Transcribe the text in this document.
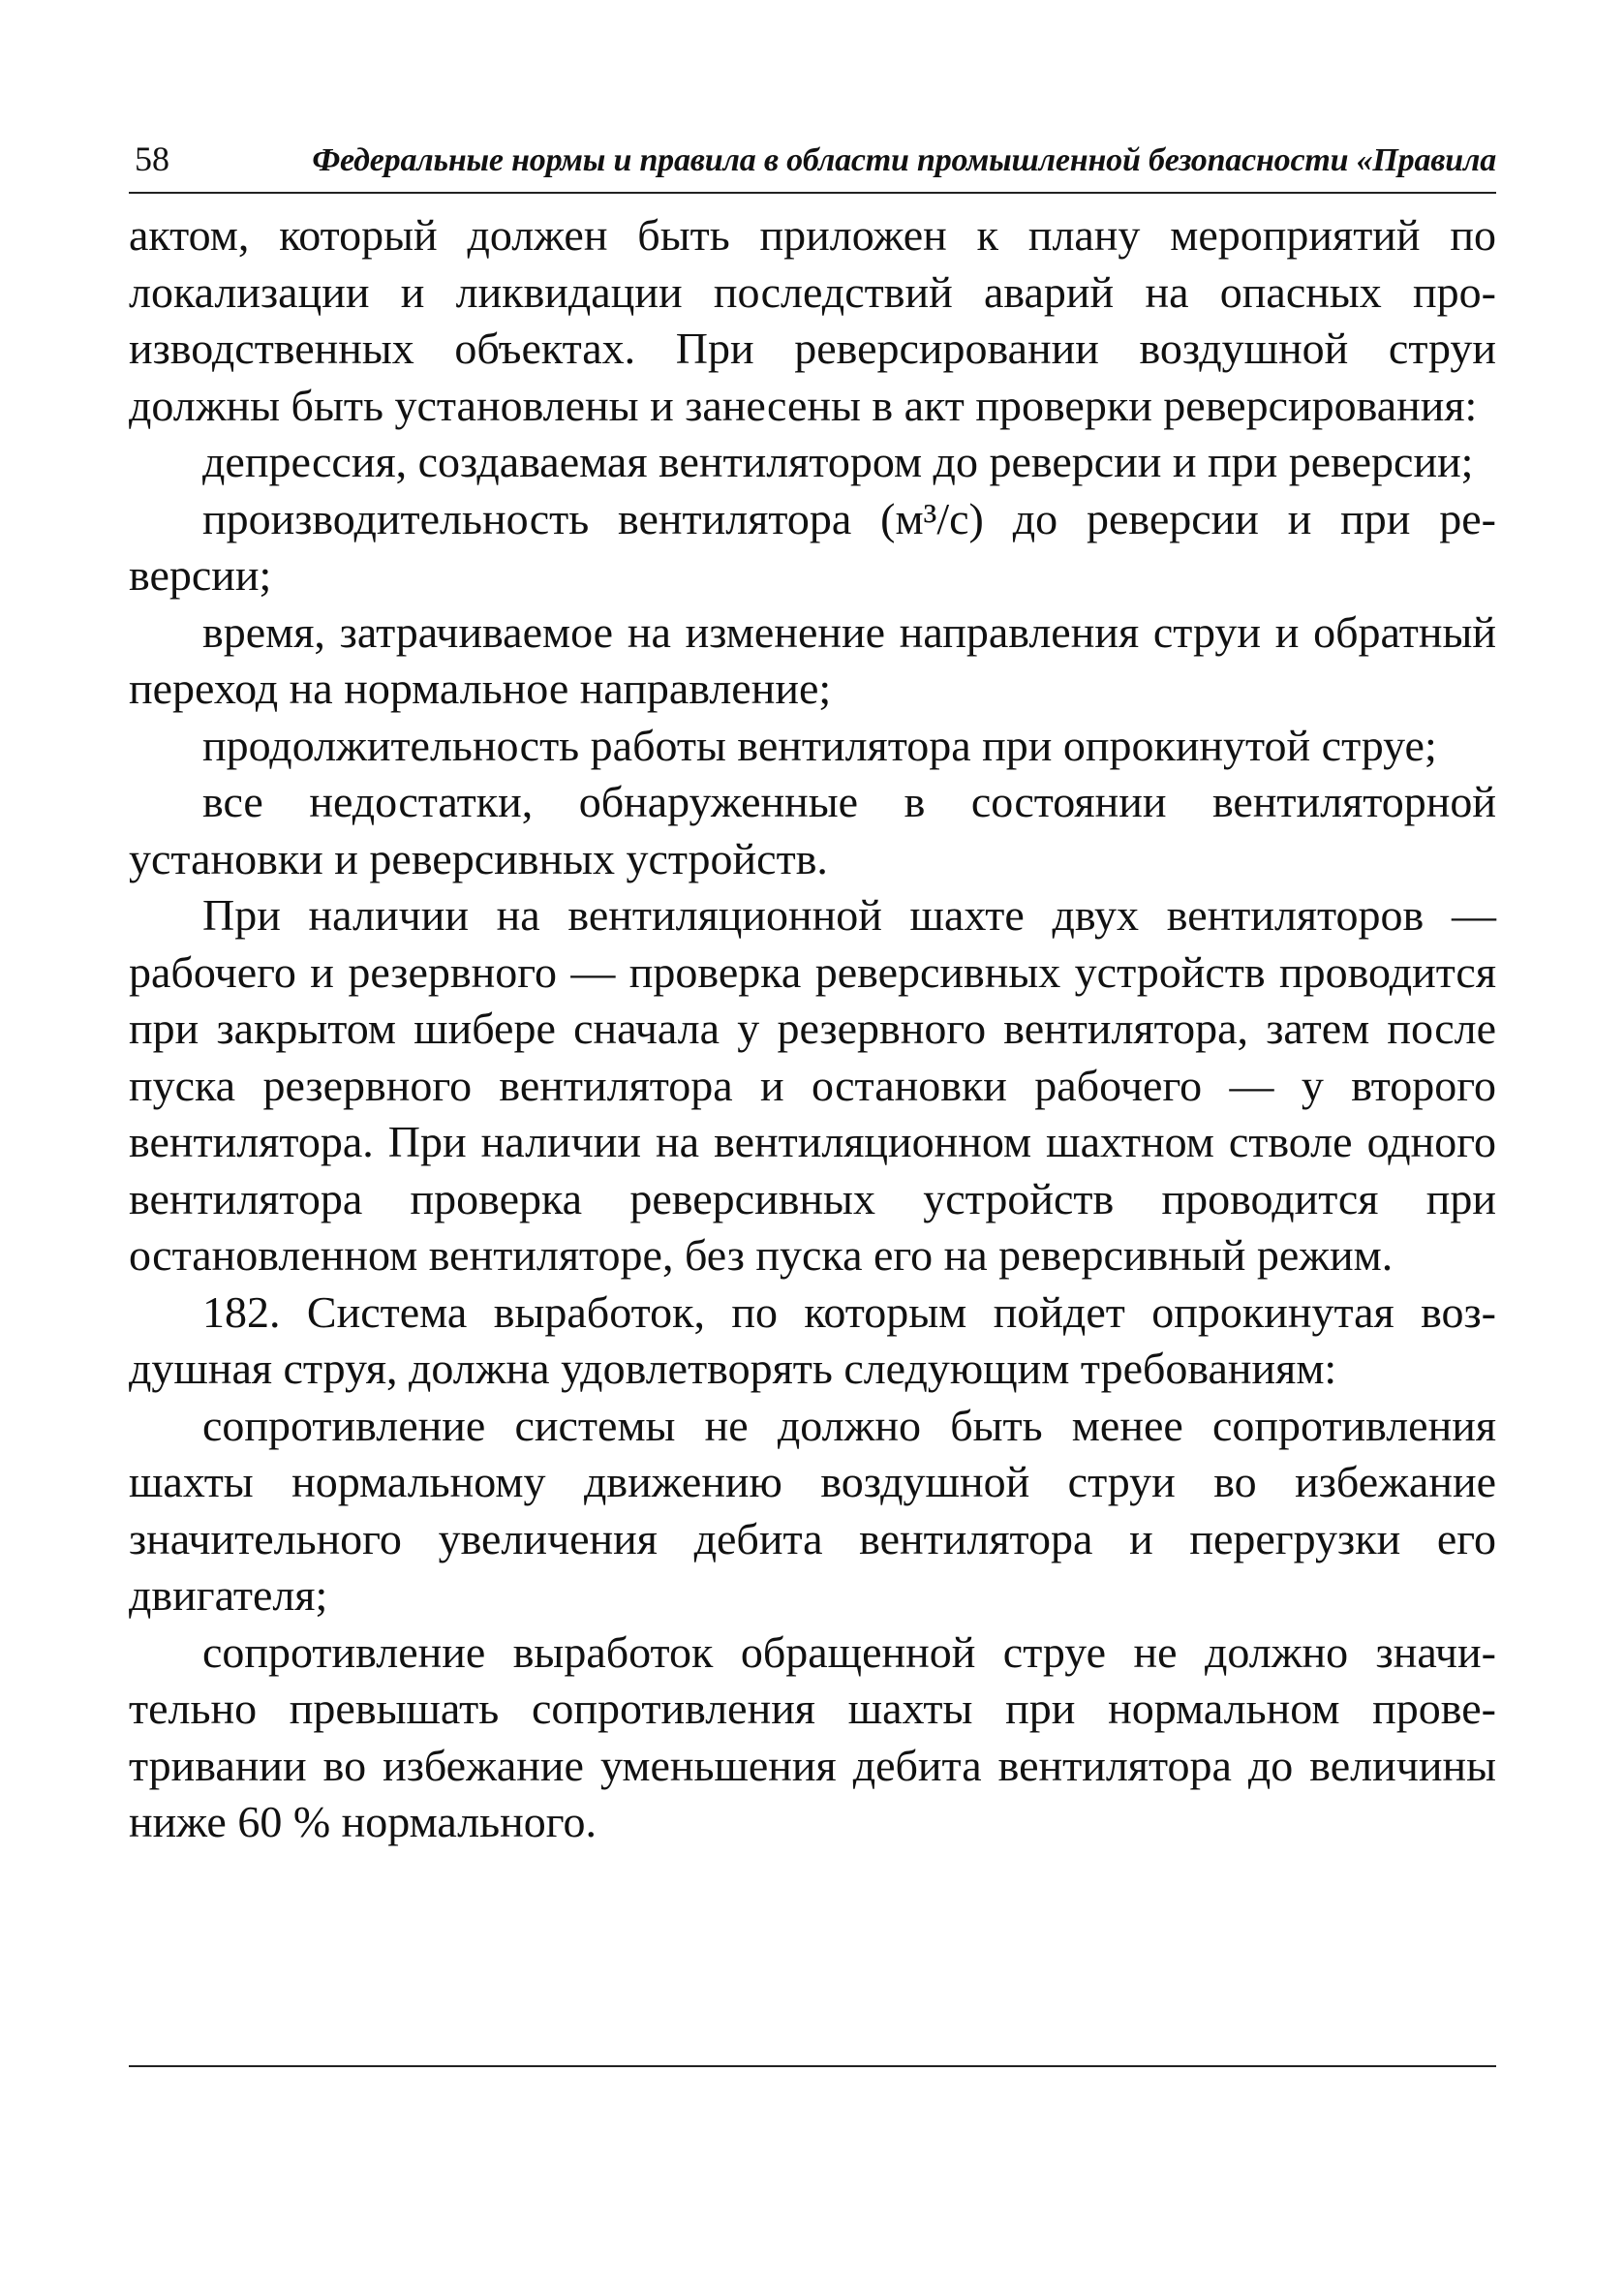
58	Федеральные нормы и правила в области промышленной безопасности «Правила

актом, который должен быть приложен к плану мероприятий по локализации и ликвидации последствий аварий на опасных производственных объектах. При реверсировании воздушной струи должны быть установлены и занесены в акт проверки реверсирования:

депрессия, создаваемая вентилятором до реверсии и при реверсии;

производительность вентилятора (м³/с) до реверсии и при реверсии;

время, затрачиваемое на изменение направления струи и обратный переход на нормальное направление;

продолжительность работы вентилятора при опрокинутой струе;

все недостатки, обнаруженные в состоянии вентиляторной установки и реверсивных устройств.

При наличии на вентиляционной шахте двух вентиляторов — рабочего и резервного — проверка реверсивных устройств проводится при закрытом шибере сначала у резервного вентилятора, затем после пуска резервного вентилятора и остановки рабочего — у второго вентилятора. При наличии на вентиляционном шахтном стволе одного вентилятора проверка реверсивных устройств проводится при остановленном вентиляторе, без пуска его на реверсивный режим.

182. Система выработок, по которым пойдет опрокинутая воздушная струя, должна удовлетворять следующим требованиям:

сопротивление системы не должно быть менее сопротивления шахты нормальному движению воздушной струи во избежание значительного увеличения дебита вентилятора и перегрузки его двигателя;

сопротивление выработок обращенной струе не должно значительно превышать сопротивления шахты при нормальном проветривании во избежание уменьшения дебита вентилятора до величины ниже 60 % нормального.
